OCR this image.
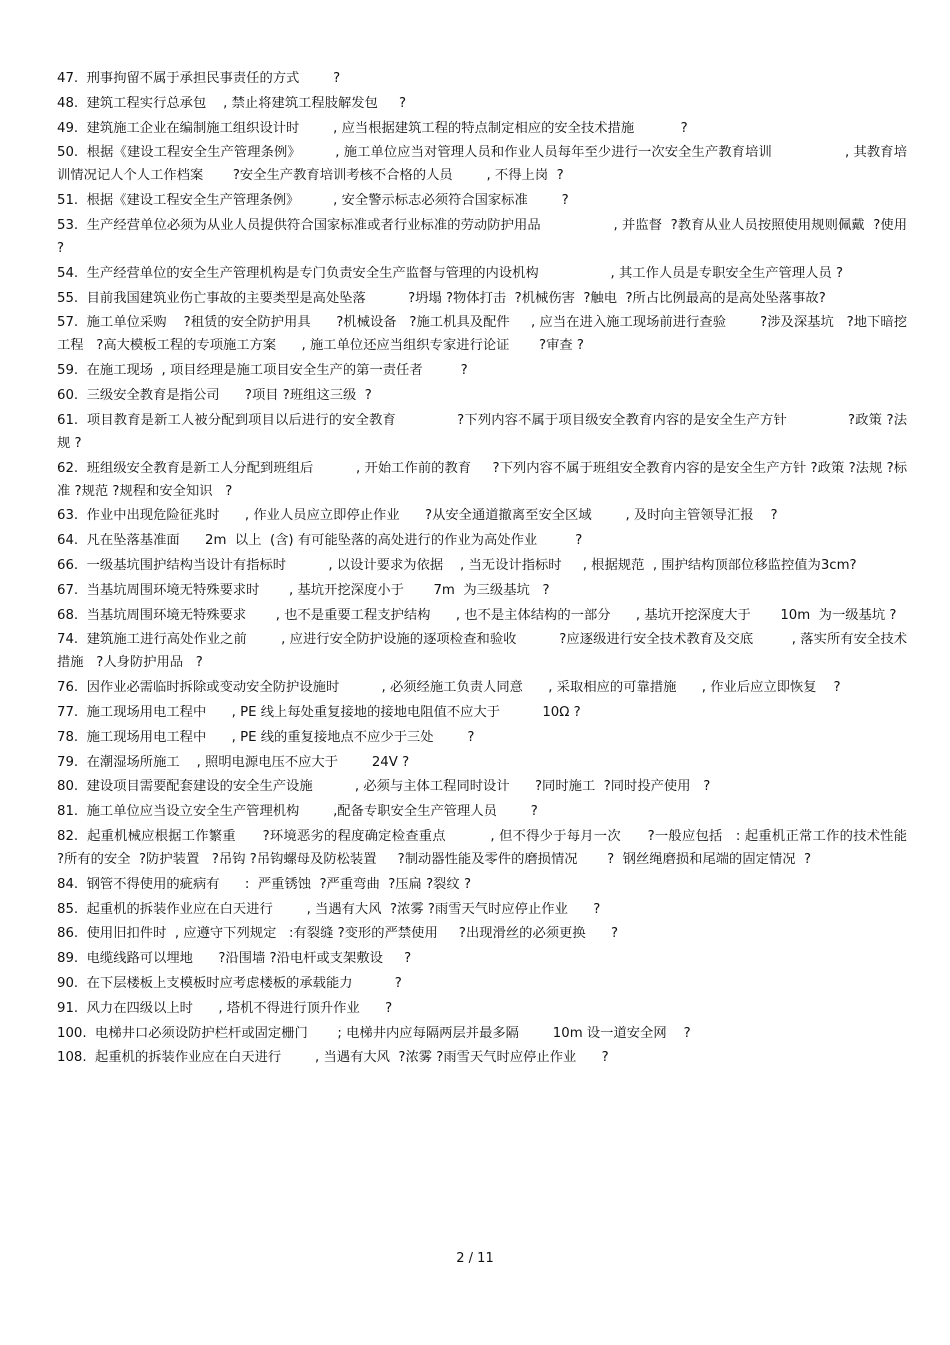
47.  刑事拘留不属于承担民事责任的方式        ?
48.  建筑工程实行总承包    , 禁止将建筑工程肢解发包     ?
49.  建筑施工企业在编制施工组织设计时        , 应当根据建筑工程的特点制定相应的安全技术措施           ?
50.  根据《建设工程安全生产管理条例》        , 施工单位应当对管理人员和作业人员每年至少进行一次安全生产教育培训                 , 其教育培训情况记人个人工作档案       ?安全生产教育培训考核不合格的人员        , 不得上岗  ?
51.  根据《建设工程安全生产管理条例》        , 安全警示标志必须符合国家标准        ?
53.  生产经营单位必须为从业人员提供符合国家标准或者行业标准的劳动防护用品                 , 并监督  ?教育从业人员按照使用规则佩戴  ?使用 ?
54.  生产经营单位的安全生产管理机构是专门负责安全生产监督与管理的内设机构                 , 其工作人员是专职安全生产管理人员 ?
55.  目前我国建筑业伤亡事故的主要类型是高处坠落          ?坍塌 ?物体打击  ?机械伤害  ?触电  ?所占比例最高的是高处坠落事故?
57.  施工单位采购    ?租赁的安全防护用具      ?机械设备   ?施工机具及配件     , 应当在进入施工现场前进行查验        ?涉及深基坑   ?地下暗挖工程   ?高大模板工程的专项施工方案      , 施工单位还应当组织专家进行论证       ?审查 ?
59.  在施工现场  , 项目经理是施工项目安全生产的第一责任者         ?
60.  三级安全教育是指公司      ?项目 ?班组这三级  ?
61.  项目教育是新工人被分配到项目以后进行的安全教育              ?下列内容不属于项目级安全教育内容的是安全生产方针              ?政策 ?法规 ?
62.  班组级安全教育是新工人分配到班组后          , 开始工作前的教育     ?下列内容不属于班组安全教育内容的是安全生产方针 ?政策 ?法规 ?标准 ?规范 ?规程和安全知识   ?
63.  作业中出现危险征兆时      , 作业人员应立即停止作业      ?从安全通道撤离至安全区域        , 及时向主管领导汇报    ?
64.  凡在坠落基准面      2m  以上  (含) 有可能坠落的高处进行的作业为高处作业         ?
66.  一级基坑围护结构当设计有指标时          , 以设计要求为依据    , 当无设计指标时     , 根据规范  , 围护结构顶部位移监控值为3cm?
67.  当基坑周围环境无特殊要求时       , 基坑开挖深度小于       7m  为三级基坑   ?
68.  当基坑周围环境无特殊要求       , 也不是重要工程支护结构      , 也不是主体结构的一部分      , 基坑开挖深度大于       10m  为一级基坑 ?
74.  建筑施工进行高处作业之前        , 应进行安全防护设施的逐项检查和验收          ?应逐级进行安全技术教育及交底         , 落实所有安全技术措施   ?人身防护用品   ?
76.  因作业必需临时拆除或变动安全防护设施时          , 必须经施工负责人同意      , 采取相应的可靠措施      , 作业后应立即恢复    ?
77.  施工现场用电工程中      , PE 线上每处重复接地的接地电阻值不应大于          10Ω ?
78.  施工现场用电工程中      , PE 线的重复接地点不应少于三处        ?
79.  在潮湿场所施工    , 照明电源电压不应大于        24V ?
80.  建设项目需要配套建设的安全生产设施          , 必须与主体工程同时设计      ?同时施工  ?同时投产使用   ?
81.  施工单位应当设立安全生产管理机构        ,配备专职安全生产管理人员        ?
82.  起重机械应根据工作繁重      ?环境恶劣的程度确定检查重点          , 但不得少于每月一次      ?一般应包括   : 起重机正常工作的技术性能     ?所有的安全  ?防护装置   ?吊钩 ?吊钩螺母及防松装置     ?制动器性能及零件的磨损情况       ?  钢丝绳磨损和尾端的固定情况  ?
84.  钢管不得使用的疵病有      :  严重锈蚀  ?严重弯曲  ?压扁 ?裂纹 ?
85.  起重机的拆装作业应在白天进行        , 当遇有大风  ?浓雾 ?雨雪天气时应停止作业      ?
86.  使用旧扣件时  , 应遵守下列规定   :有裂缝 ?变形的严禁使用     ?出现滑丝的必须更换      ?
89.  电缆线路可以埋地      ?沿围墙 ?沿电杆或支架敷设     ?
90.  在下层楼板上支模板时应考虑楼板的承载能力          ?
91.  风力在四级以上时      , 塔机不得进行顶升作业      ?
100.  电梯井口必须设防护栏杆或固定栅门       ; 电梯井内应每隔两层并最多隔        10m 设一道安全网    ?
108.  起重机的拆装作业应在白天进行        , 当遇有大风  ?浓雾 ?雨雪天气时应停止作业      ?
2 / 11
